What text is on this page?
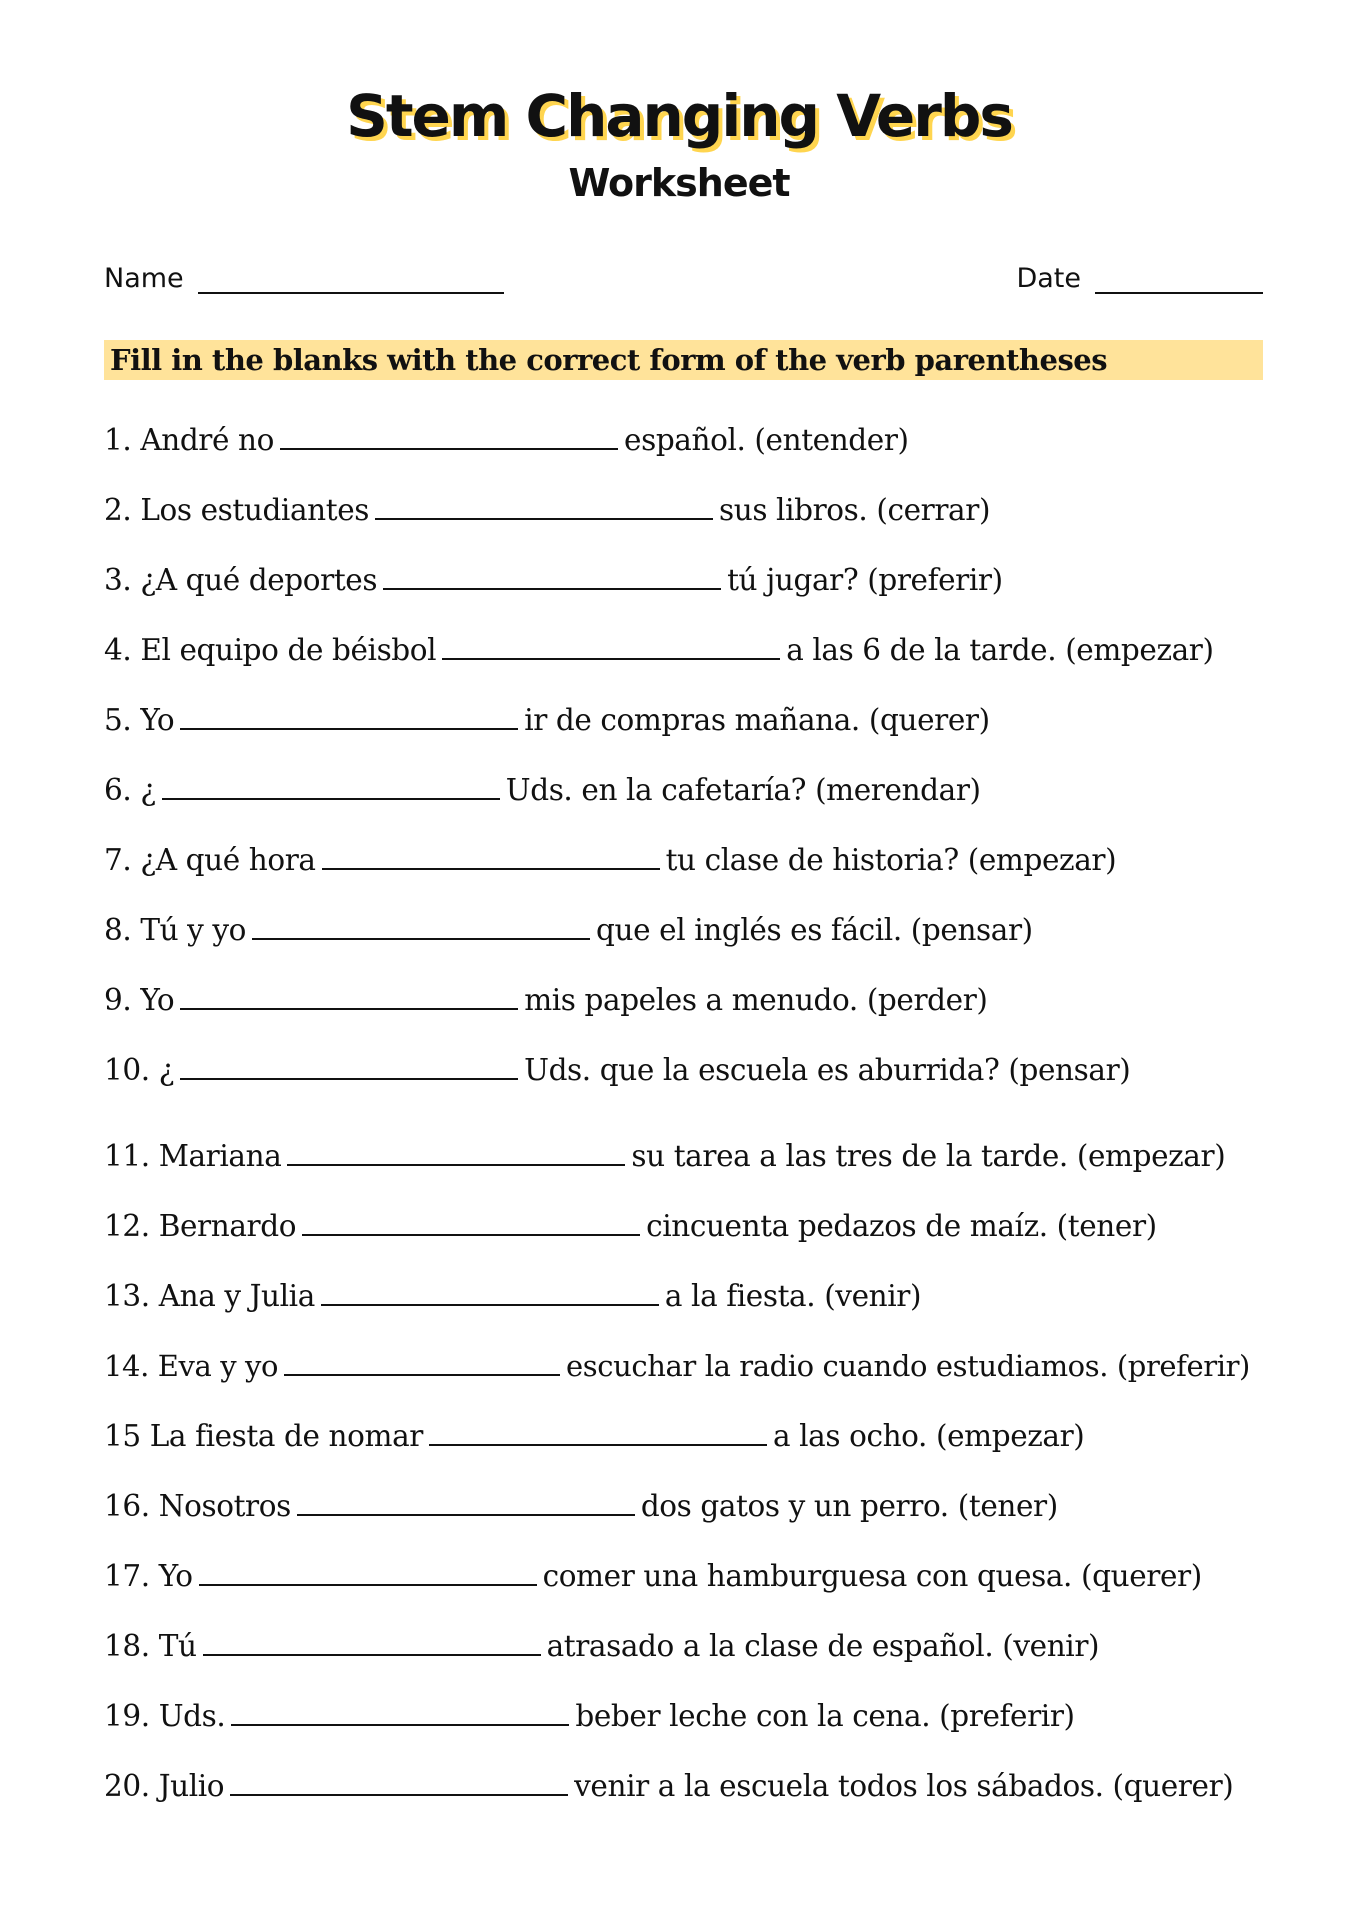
Stem Changing Verbs
Worksheet
Name	Date
Fill in the blanks with the correct form of the verb parentheses
1. André no	español. (entender)
2. Los estudiantes	sus libros. (cerrar)
3. ¿A qué deportes	tú jugar? (preferir)
4. El equipo de béisbol	a las 6 de la tarde. (empezar)
5. Yo	ir de compras mañana. (querer)
6. ¿	Uds. en la cafetaría? (merendar)
7. ¿A qué hora	tu clase de historia? (empezar)
8. Tú y yo	que el inglés es fácil. (pensar)
9. Yo	mis papeles a menudo. (perder)
10. ¿	Uds. que la escuela es aburrida? (pensar)
11. Mariana	su tarea a las tres de la tarde. (empezar)
12. Bernardo	cincuenta pedazos de maíz. (tener)
13. Ana y Julia	a la fiesta. (venir)
14. Eva y yo	escuchar la radio cuando estudiamos. (preferir)
15 La fiesta de nomar	a las ocho. (empezar)
16. Nosotros	dos gatos y un perro. (tener)
17. Yo	comer una hamburguesa con quesa. (querer)
18. Tú	atrasado a la clase de español. (venir)
19. Uds.	beber leche con la cena. (preferir)
20. Julio	venir a la escuela todos los sábados. (querer)
